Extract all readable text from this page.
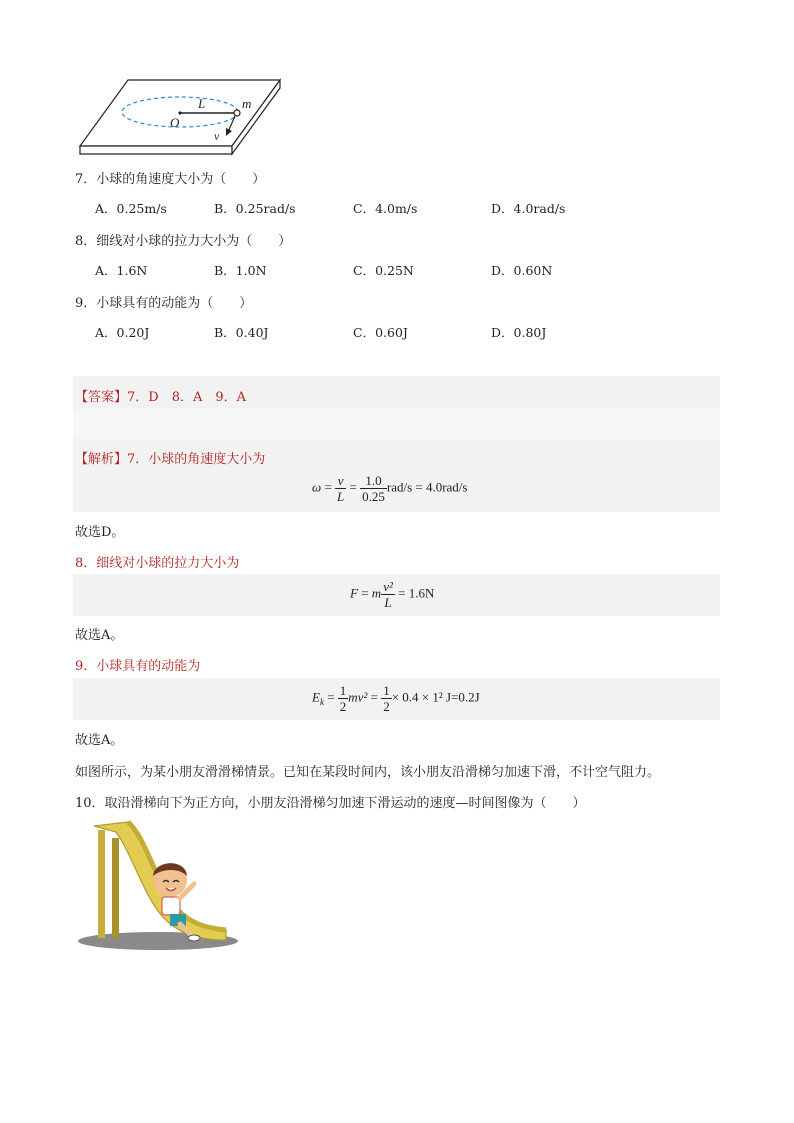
L	m
O
v
7．小球的角速度大小为（　　）
A．0.25m/s	B．0.25rad/s	C．4.0m/s	D．4.0rad/s
8．细线对小球的拉力大小为（　　）
A．1.6N	B．1.0N	C．0.25N	D．0.60N
9．小球具有的动能为（　　）
A．0.20J	B．0.40J	C．0.60J	D．0.80J
【答案】7．D　8．A　9．A
【解析】7．小球的角速度大小为
$\omega = \frac{v}{L} = \frac{1.0}{0.25} rad/s = 4.0rad/s$
故选D。
8．细线对小球的拉力大小为
F = m $\frac{\text{v²}}{L} = 1.6N$
故选A。
9．小球具有的动能为
$E_k = \frac{1}{2} mv^2 = \frac{1}{2} \times 0.4 \times 1^2$ J=0.2J
故选A。
如图所示，为某小朋友滑滑梯情景。已知在某段时间内，该小朋友沿滑梯匀加速下滑，不计空气阻力。
10．取沿滑梯向下为正方向，小朋友沿滑梯匀加速下滑运动的速度—时间图像为（　　）
